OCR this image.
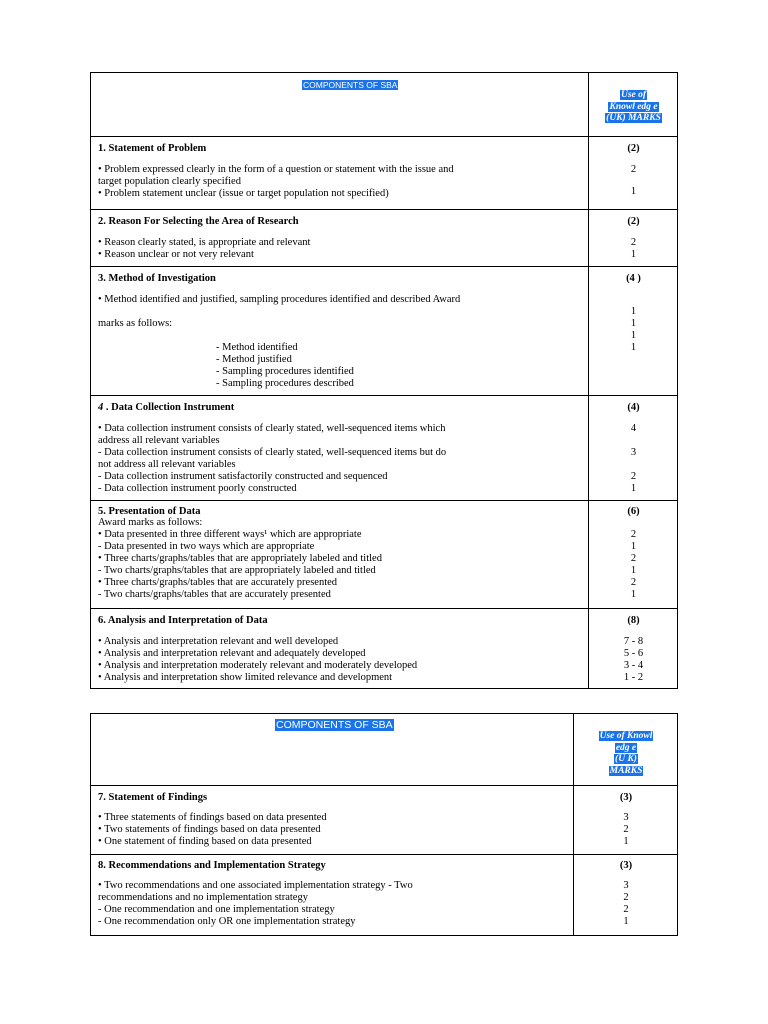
COMPONENTS OF SBA
Use of
Knowl edg e
(UK) MARKS
1. Statement of Problem
• Problem expressed clearly in the form of a question or statement with the issue and
target population clearly specified
• Problem statement unclear (issue or target population not specified)
(2)
2
1
2. Reason For Selecting the Area of Research
• Reason clearly stated, is appropriate and relevant
• Reason unclear or not very relevant
(2)
2
1
3. Method of Investigation
• Method identified and justified, sampling procedures identified and described Award
marks as follows:
- Method identified
- Method justified
- Sampling procedures identified
- Sampling procedures described
(4 )
1
1
1
1
4 . Data Collection Instrument
• Data collection instrument consists of clearly stated, well-sequenced items which
address all relevant variables
- Data collection instrument consists of clearly stated, well-sequenced items but do
not address all relevant variables
- Data collection instrument satisfactorily constructed and sequenced
- Data collection instrument poorly constructed
(4)
4
3
2
1
5. Presentation of Data
Award marks as follows:
• Data presented in three different ways¹ which are appropriate
- Data presented in two ways which are appropriate
• Three charts/graphs/tables that are appropriately labeled and titled
- Two charts/graphs/tables that are appropriately labeled and titled
• Three charts/graphs/tables that are accurately presented
- Two charts/graphs/tables that are accurately presented
(6)
2
1
2
1
2
1
6. Analysis and Interpretation of Data
• Analysis and interpretation relevant and well developed
• Analysis and interpretation relevant and adequately developed
• Analysis and interpretation moderately relevant and moderately developed
• Analysis and interpretation show limited relevance and development
(8)
7 - 8
5 - 6
3 - 4
1 - 2
COMPONENTS OF SBA
Use of Knowl
edg e
(U K)
MARKS
7. Statement of Findings
• Three statements of findings based on data presented
• Two statements of findings based on data presented
• One statement of finding based on data presented
(3)
3
2
1
8. Recommendations and Implementation Strategy
• Two recommendations and one associated implementation strategy - Two
recommendations and no implementation strategy
- One recommendation and one implementation strategy
- One recommendation only OR one implementation strategy
(3)
3
2
2
1
